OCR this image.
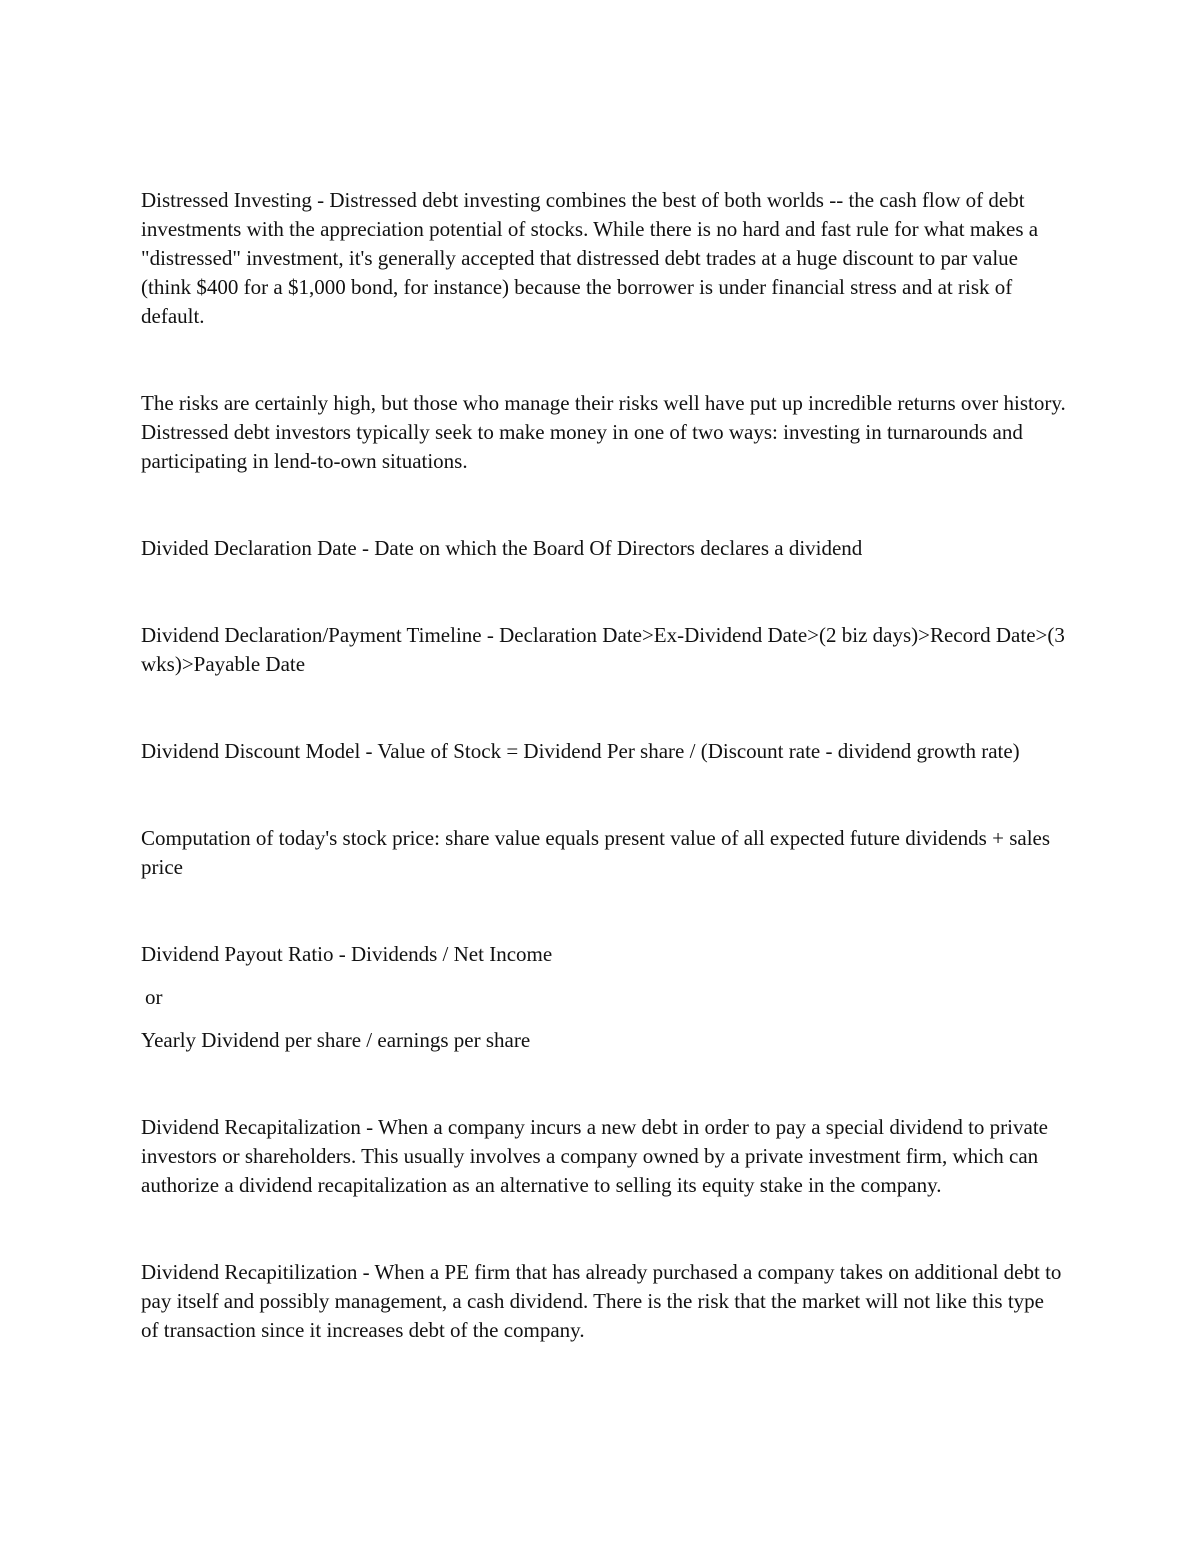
Distressed Investing - Distressed debt investing combines the best of both worlds -- the cash flow of debt investments with the appreciation potential of stocks. While there is no hard and fast rule for what makes a "distressed" investment, it's generally accepted that distressed debt trades at a huge discount to par value (think $400 for a $1,000 bond, for instance) because the borrower is under financial stress and at risk of default.

The risks are certainly high, but those who manage their risks well have put up incredible returns over history. Distressed debt investors typically seek to make money in one of two ways: investing in turnarounds and participating in lend-to-own situations.

Divided Declaration Date - Date on which the Board Of Directors declares a dividend

Dividend Declaration/Payment Timeline - Declaration Date>Ex-Dividend Date>(2 biz days)>Record Date>(3 wks)>Payable Date

Dividend Discount Model - Value of Stock = Dividend Per share / (Discount rate - dividend growth rate)

Computation of today's stock price: share value equals present value of all expected future dividends + sales price

Dividend Payout Ratio - Dividends / Net Income

or

Yearly Dividend per share / earnings per share

Dividend Recapitalization - When a company incurs a new debt in order to pay a special dividend to private investors or shareholders. This usually involves a company owned by a private investment firm, which can authorize a dividend recapitalization as an alternative to selling its equity stake in the company.

Dividend Recapitilization - When a PE firm that has already purchased a company takes on additional debt to pay itself and possibly management, a cash dividend. There is the risk that the market will not like this type of transaction since it increases debt of the company.
